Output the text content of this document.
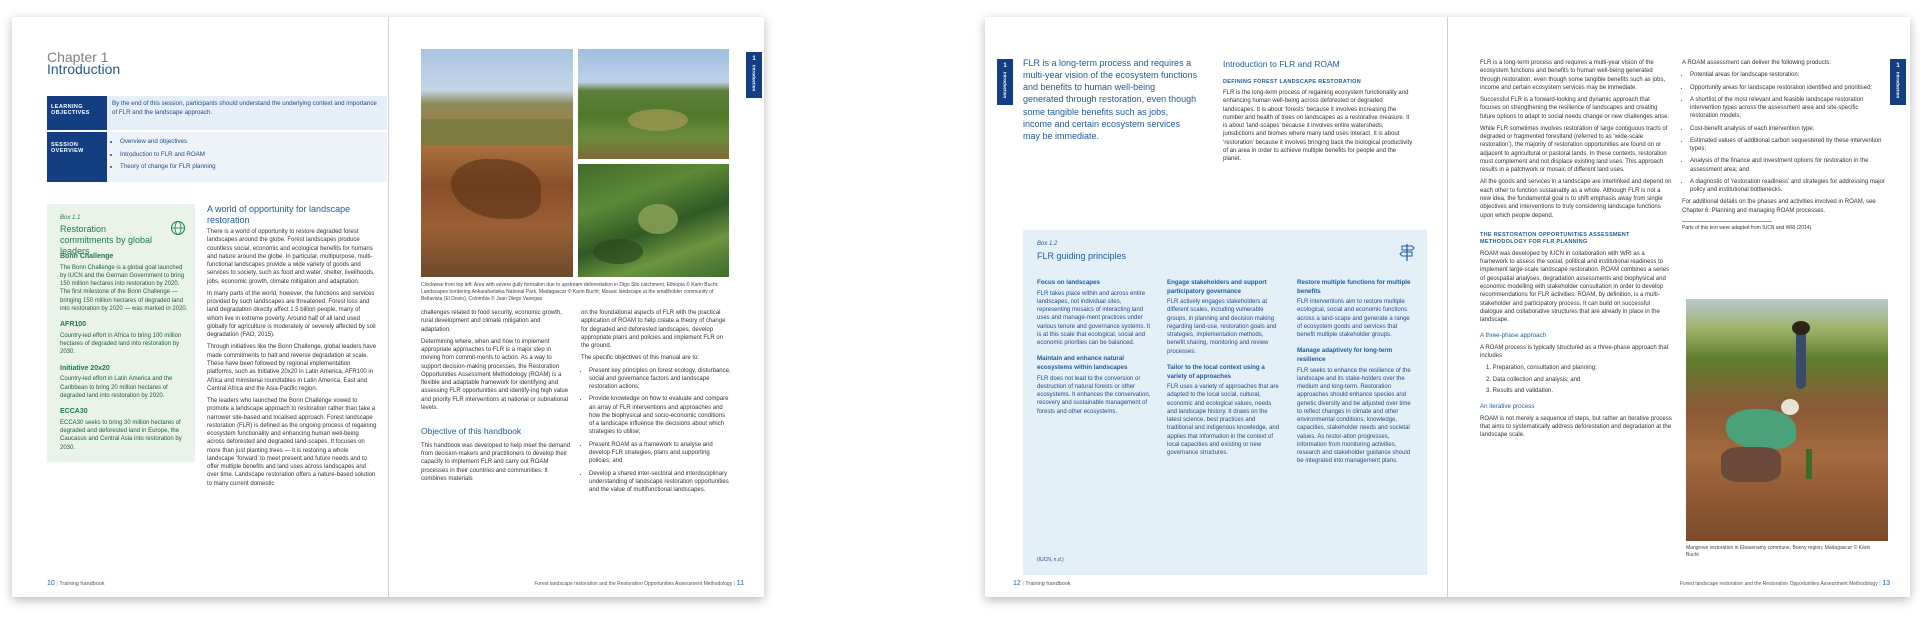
Chapter 1
Introduction
LEARNING OBJECTIVES
By the end of this session, participants should understand the underlying context and importance of FLR and the landscape approach.
SESSION OVERVIEW
• Overview and objectives
• Introduction to FLR and ROAM
• Theory of change for FLR planning
Box 1.1
Restoration commitments by global leaders
Bonn Challenge

The Bonn Challenge is a global goal launched by IUCN and the German Government to bring 150 million hectares into restoration by 2020. The first milestone of the Bonn Challenge — bringing 150 million hectares of degraded land into restoration by 2020 — was marked in 2020.

AFR100

Country-led effort in Africa to bring 100 million hectares of degraded land into restoration by 2030.

Initiative 20x20

Country-led effort in Latin America and the Caribbean to bring 20 million hectares of degraded land into restoration by 2020.

ECCA30

ECCA30 seeks to bring 30 million hectares of degraded and deforested land in Europe, the Caucasus and Central Asia into restoration by 2030.

A world of opportunity for landscape restoration

There is a world of opportunity to restore degraded forest landscapes around the globe. Forest landscapes produce countless social, economic and ecological benefits for humans and nature around the globe. In particular, multipurpose, multi-functional landscapes provide a wide variety of goods and services to society, such as food and water, shelter, livelihoods, jobs, economic growth, climate mitigation and adaptation.

In many parts of the world, however, the functions and services provided by such landscapes are threatened. Forest loss and land degradation directly affect 1.5 billion people, many of whom live in extreme poverty. Around half of all land used globally for agriculture is moderately or severely affected by soil degradation (FAO, 2015).

Through initiatives like the Bonn Challenge, global leaders have made commitments to halt and reverse degradation at scale. These have been followed by regional implementation platforms, such as Initiative 20x20 in Latin America, AFR100 in Africa and ministerial roundtables in Latin America, East and Central Africa and the Asia-Pacific region.

The leaders who launched the Bonn Challenge vowed to promote a landscape approach to restoration rather than take a narrower site-based and localised approach. Forest landscape restoration (FLR) is defined as the ongoing process of regaining ecosystem functionality and enhancing human well-being across deforested and degraded land-scapes. It focuses on more than just planting trees — it is restoring a whole landscape ‘forward’ to meet present and future needs and to offer multiple benefits and land uses across landscapes and over time. Landscape restoration offers a nature-based solution to many current domestic

10 | Training handbook
1
Introduction
Clockwise from top left: Area with severe gully formation due to upstream deforestation in Digo Silo catchment, Ethiopia © Karin Bucht; Landscapes bordering Ankarafantsika National Park, Madagascar © Karin Bucht; Mosaic landscape at the smallholder community of Bellavista (El Dovio), Colombia © Juan Diego Vanegas

challenges related to food security, economic growth, rural development and climate mitigation and adaptation.

Determining where, when and how to implement appropriate approaches to FLR is a major step in moving from commit-ments to action. As a way to support decision-making processes, the Restoration Opportunities Assessment Methodology (ROAM) is a flexible and adaptable framework for identifying and assessing FLR opportunities and identify-ing high value and priority FLR interventions at national or subnational levels.

Objective of this handbook

This handbook was developed to help meet the demand from decision-makers and practitioners to develop their capacity to implement FLR and carry out ROAM processes in their countries and communities. It combines materials

on the foundational aspects of FLR with the practical application of ROAM to help create a theory of change for degraded and deforested landscapes, develop appropriate plans and policies and implement FLR on the ground.

The specific objectives of this manual are to:

• Present key principles on forest ecology, disturbance, social and governance factors and landscape restoration actions;
• Provide knowledge on how to evaluate and compare an array of FLR interventions and approaches and how the biophysical and socio-economic conditions of a landscape influence the decisions about which strategies to utilise;
• Present ROAM as a framework to analyse and develop FLR strategies, plans and supporting policies; and
• Develop a shared inter-sectoral and interdisciplinary understanding of landscape restoration opportunities and the value of multifunctional landscapes.
Forest landscape restoration and the Restoration Opportunities Assessment Methodology | 11
1
Introduction
FLR is a long-term process and requires a multi-year vision of the ecosystem functions and benefits to human well-being generated through restoration, even though some tangible benefits such as jobs, income and certain ecosystem services may be immediate.
Introduction to FLR and ROAM
DEFINING FOREST LANDSCAPE RESTORATION
FLR is the long-term process of regaining ecosystem functionality and enhancing human well-being across deforested or degraded landscapes. It is about ‘forests’ because it involves increasing the number and health of trees on landscapes as a restorative measure. It is about ‘land-scapes’ because it involves entire watersheds, jurisdictions and biomes where many land uses interact. It is about ‘restoration’ because it involves bringing back the biological productivity of an area in order to achieve multiple benefits for people and the planet.
Box 1.2
FLR guiding principles
Focus on landscapes

FLR takes place within and across entire landscapes, not individual sites, representing mosaics of interacting land uses and manage-ment practices under various tenure and governance systems. It is at this scale that ecological, social and economic priorities can be balanced.

Maintain and enhance natural ecosystems within landscapes

FLR does not lead to the conversion or destruction of natural forests or other ecosystems. It enhances the conservation, recovery and sustainable management of forests and other ecosystems.

Engage stakeholders and support participatory governance

FLR actively engages stakeholders at different scales, including vulnerable groups, in planning and decision making regarding land-use, restoration goals and strategies, implementation methods, benefit sharing, monitoring and review processes.

Tailor to the local context using a variety of approaches

FLR uses a variety of approaches that are adapted to the local social, cultural, economic and ecological values, needs and landscape history. It draws on the latest science, best practices and traditional and indigenous knowledge, and applies that information in the context of local capacities and existing or new governance structures.

Restore multiple functions for multiple benefits

FLR interventions aim to restore multiple ecological, social and economic functions across a land-scape and generate a range of ecosystem goods and services that benefit multiple stakeholder groups.

Manage adaptively for long-term resilience

FLR seeks to enhance the resilience of the landscape and its stake-holders over the medium and long-term. Restoration approaches should enhance species and genetic diversity and be adjusted over time to reflect changes in climate and other environmental conditions, knowledge, capacities, stakeholder needs and societal values. As restor-ation progresses, information from monitoring activities, research and stakeholder guidance should be integrated into management plans.

(IUCN, n.d.)
12 | Training handbook
1
Introduction

FLR is a long-term process and requires a multi-year vision of the ecosystem functions and benefits to human well-being generated through restoration, even though some tangible benefits such as jobs, income and certain ecosystem services may be immediate.

Successful FLR is a forward-looking and dynamic approach that focuses on strengthening the resilience of landscapes and creating future options to adapt to social needs change or new challenges arise.

While FLR sometimes involves restoration of large contiguous tracts of degraded or fragmented forestland (referred to as ‘wide-scale restoration’), the majority of restoration opportunities are found on or adjacent to agricultural or pastoral lands. In these contexts, restoration must complement and not displace existing land uses. This approach results in a patchwork or mosaic of different land uses.

All the goods and services in a landscape are interlinked and depend on each other to function sustainably as a whole. Although FLR is not a new idea, the fundamental goal is to shift emphasis away from single objectives and interventions to truly considering landscape functions upon which people depend.

THE RESTORATION OPPORTUNITIES ASSESSMENT METHODOLOGY FOR FLR PLANNING

ROAM was developed by IUCN in collaboration with WRI as a framework to assess the social, political and institutional readiness to implement large-scale landscape restoration. ROAM combines a series of geospatial analyses, degradation assessments and biophysical and economic modelling with stakeholder consultation in order to develop recommendations for FLR activities. ROAM, by definition, is a multi-stakeholder and participatory process. It can build on successful dialogue and collaborative structures that are already in place in the landscape.

A three-phase approach

A ROAM process is typically structured as a three-phase approach that includes

1. Preparation, consultation and planning;
2. Data collection and analysis; and
3. Results and validation.
An iterative process

ROAM is not merely a sequence of steps, but rather an iterative process that aims to systematically address deforestation and degradation at the landscape scale.

A ROAM assessment can deliver the following products:

• Potential areas for landscape restoration;
• Opportunity areas for landscape restoration identified and prioritised;
• A shortlist of the most relevant and feasible landscape restoration intervention types across the assessment area and site-specific restoration models;
• Cost-benefit analysis of each intervention type;
• Estimated values of additional carbon sequestered by these intervention types;
• Analysis of the finance and investment options for restoration in the assessment area; and
• A diagnostic of ‘restoration readiness’ and strategies for addressing major policy and institutional bottlenecks.

For additional details on the phases and activities involved in ROAM, see Chapter 6: Planning and managing ROAM processes.

Parts of this text were adapted from IUCN and WRI (2014).

Mangrove restoration in Ebasenamy commune, Boeny region, Madagascar © Karin Bucht
Forest landscape restoration and the Restoration Opportunities Assessment Methodology | 13
